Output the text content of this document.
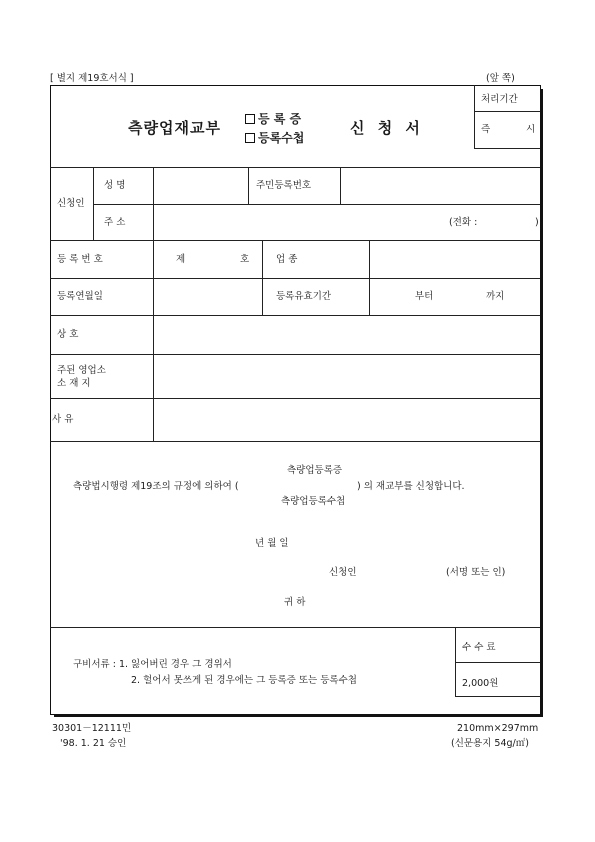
[ 별지 제19호서식 ]	(앞 쪽)
측량업재교부	등 록 증
등록수첩
신 청 서
처리기간
즉	시
신청인
성 명	주민등록번호
주 소	(전화 :	)
등 록 번 호	제	호	업 종
등록연월일	등록유효기간	부터	까지
상 호
주된 영업소
소 재 지
사 유
측량업등록증
측량법시행령 제19조의 규정에 의하여 (	) 의 재교부를 신청합니다.
측량업등록수첩
년 월 일
신청인	(서명 또는 인)
귀 하
구비서류 : 1. 잃어버린 경우 그 경위서
2. 헐어서 못쓰게 된 경우에는 그 등록증 또는 등록수첩
수 수 료
2,000원
30301－12111민
'98. 1. 21 승인
210mm×297mm
(신문용지 54g/㎡)
